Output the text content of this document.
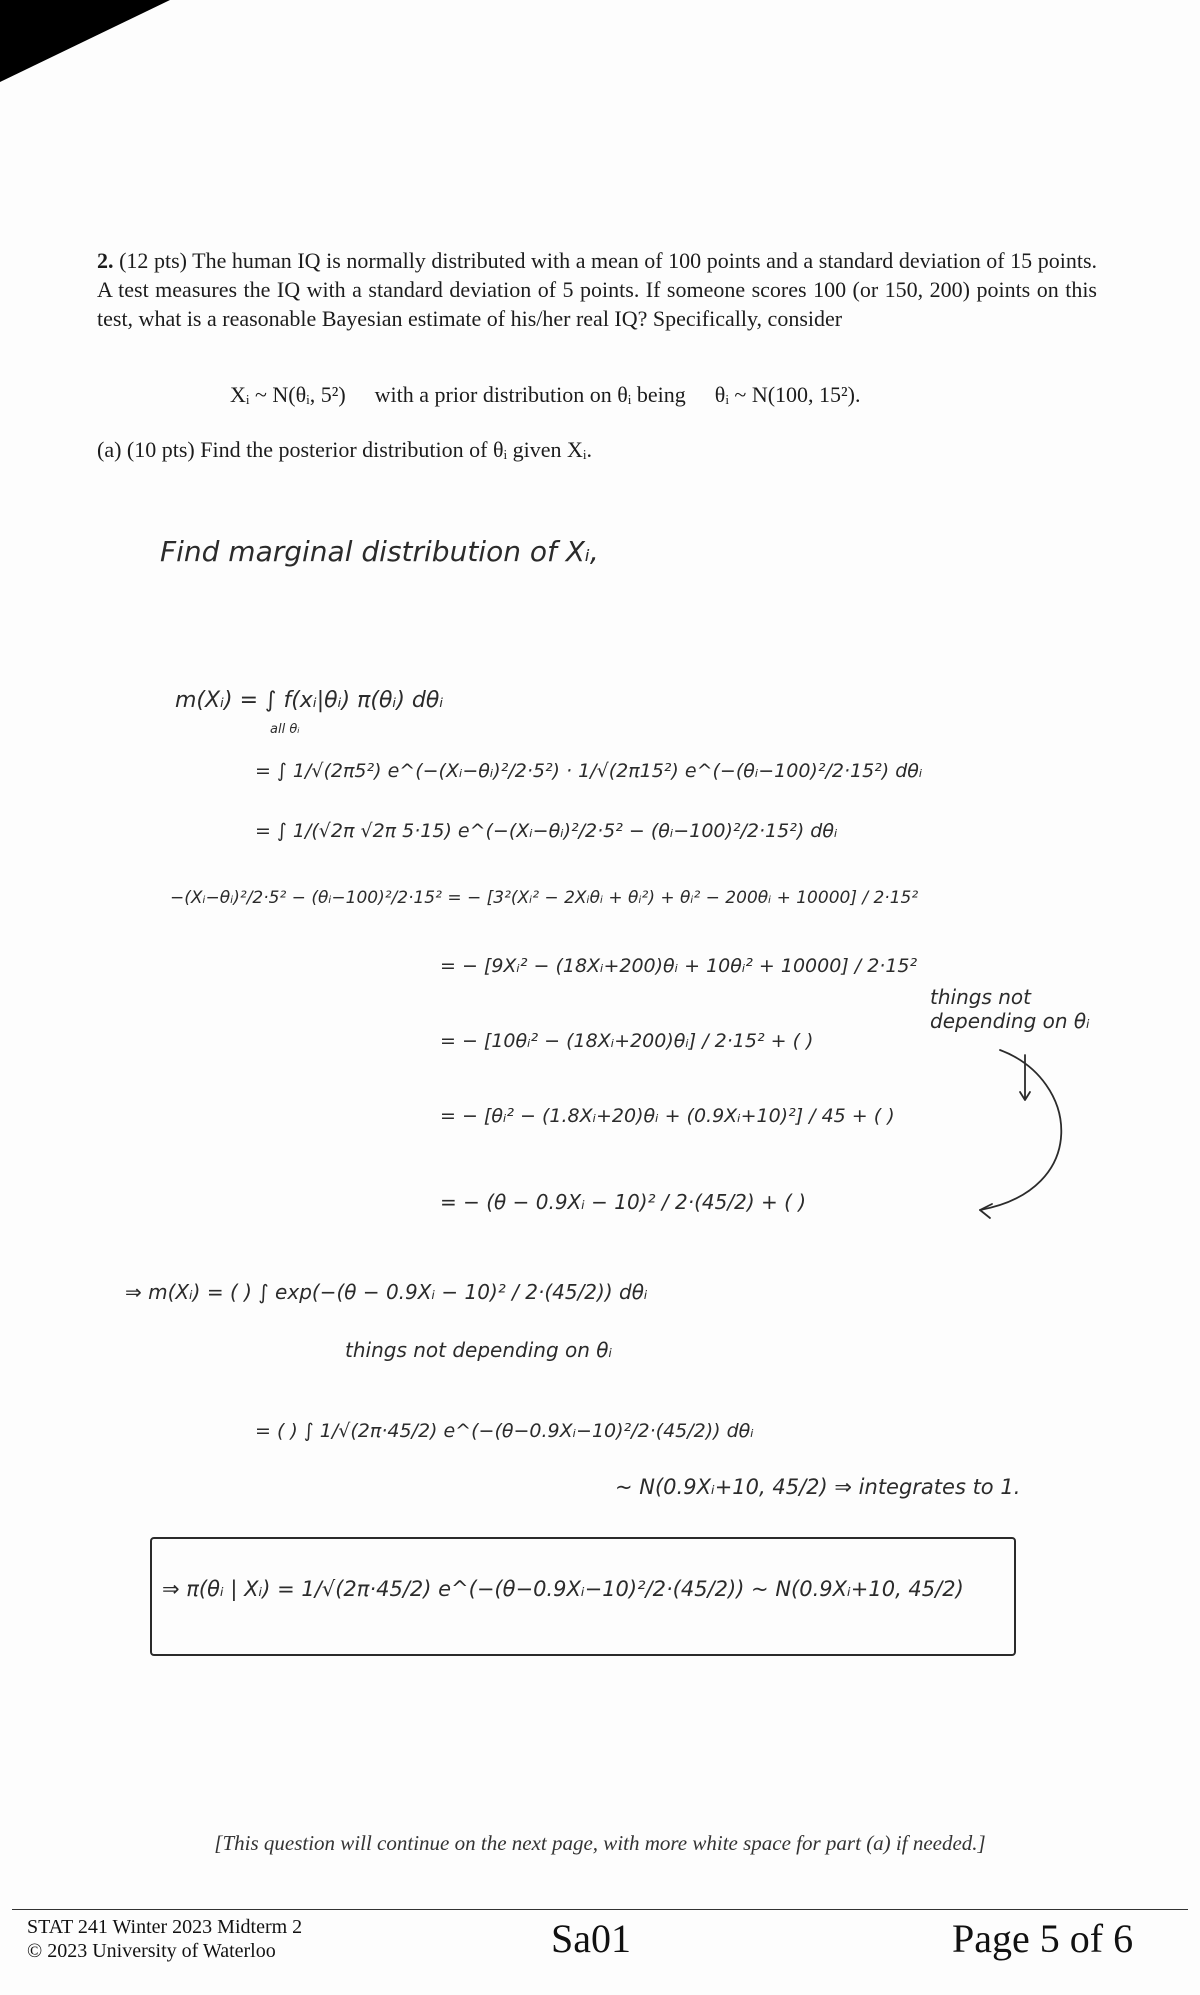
2. (12 pts) The human IQ is normally distributed with a mean of 100 points and a standard deviation of 15 points. A test measures the IQ with a standard deviation of 5 points. If someone scores 100 (or 150, 200) points on this test, what is a reasonable Bayesian estimate of his/her real IQ? Specifically, consider
Xᵢ ~ N(θᵢ, 5²) with a prior distribution on θᵢ being θᵢ ~ N(100, 15²).
(a) (10 pts) Find the posterior distribution of θᵢ given Xᵢ.
Find marginal distribution of Xᵢ,
m(Xᵢ) = ∫ f(xᵢ|θᵢ) π(θᵢ) dθᵢ
all θᵢ
= ∫ 1/√(2π5²) e^(−(Xᵢ−θᵢ)²/2·5²) · 1/√(2π15²) e^(−(θᵢ−100)²/2·15²) dθᵢ
= ∫ 1/(√2π √2π 5·15) e^(−(Xᵢ−θᵢ)²/2·5² − (θᵢ−100)²/2·15²) dθᵢ
−(Xᵢ−θᵢ)²/2·5² − (θᵢ−100)²/2·15² = − [3²(Xᵢ² − 2Xᵢθᵢ + θᵢ²) + θᵢ² − 200θᵢ + 10000] / 2·15²
= − [9Xᵢ² − (18Xᵢ+200)θᵢ + 10θᵢ² + 10000] / 2·15²
= − [10θᵢ² − (18Xᵢ+200)θᵢ] / 2·15² + ( )
things not depending on θᵢ
= − [θᵢ² − (1.8Xᵢ+20)θᵢ + (0.9Xᵢ+10)²] / 45 + ( )
= − (θ − 0.9Xᵢ − 10)² / 2·(45/2) + ( )
⇒ m(Xᵢ) = ( ) ∫ exp(−(θ − 0.9Xᵢ − 10)² / 2·(45/2)) dθᵢ
things not depending on θᵢ
= ( ) ∫ 1/√(2π·45/2) e^(−(θ−0.9Xᵢ−10)²/2·(45/2)) dθᵢ
~ N(0.9Xᵢ+10, 45/2) ⇒ integrates to 1.
⇒ π(θᵢ | Xᵢ) = 1/√(2π·45/2) e^(−(θ−0.9Xᵢ−10)²/2·(45/2)) ~ N(0.9Xᵢ+10, 45/2)
[This question will continue on the next page, with more white space for part (a) if needed.]
STAT 241 Winter 2023 Midterm 2
© 2023 University of Waterloo	Sa01	Page 5 of 6
